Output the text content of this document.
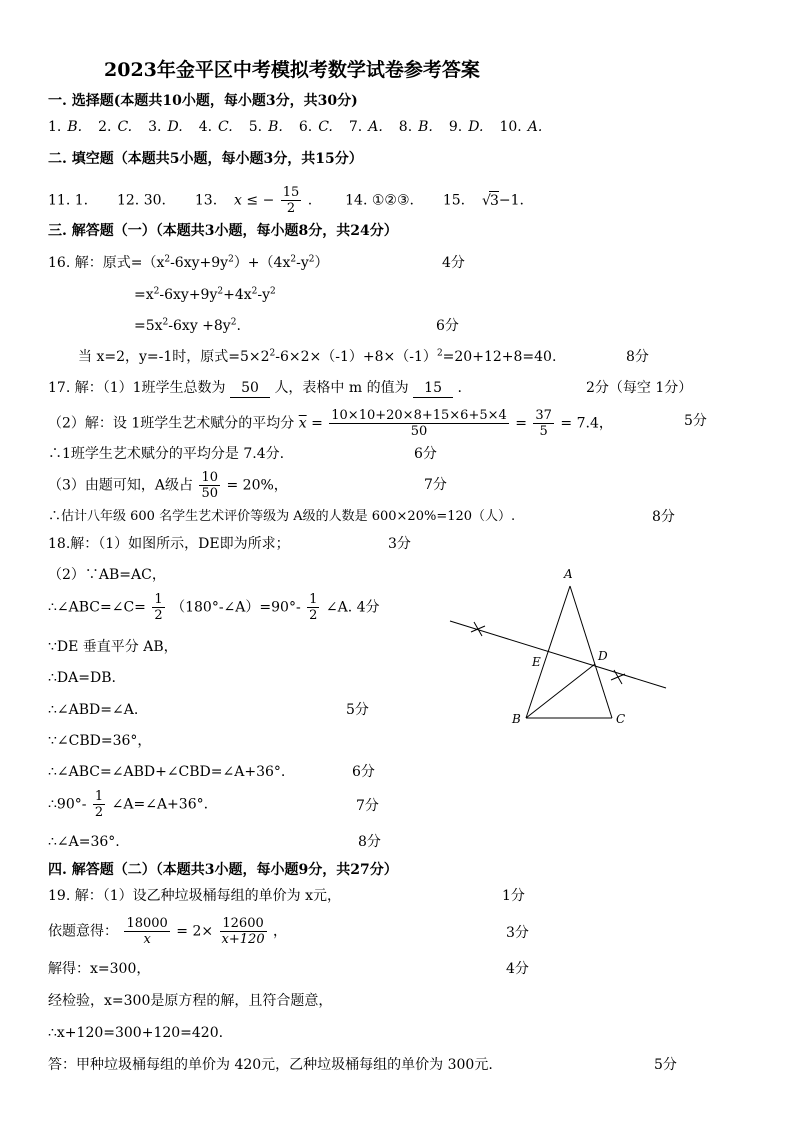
2023年金平区中考模拟考数学试卷参考答案
一. 选择题(本题共10小题，每小题3分，共30分)
1. B. 2. C. 3. D. 4. C. 5. B. 6. C. 7. A. 8. B. 9. D. 10. A.
二. 填空题（本题共5小题，每小题3分，共15分）
11. 1. 12. 30. 13. x ≤ − $\frac{15}{2}$ . 14. ①②③. 15. √3−1.
三. 解答题（一）（本题共3小题，每小题8分，共24分）
16. 解：原式$=(x^2-6xy+9y^2)+(4x^2-y^2)$	4分
$=x^2-6xy+9y^2+4x^2-y^2$
$=5x^2-6xy +8y^2$.	6分
当 x=2，y=-1时，原式$=5\times 2^2-6\times 2\times(-1)+8\times(-1)^2=20+12+8=40$.	8分
17. 解：（1）1班学生总数为 50 人，表格中 m 的值为 15 .	2分（每空 1分）
（2）解：设 1班学生艺术赋分的平均分 $\overline{x} = \frac{10\times 10+20\times 8+15\times 6+5\times 4}{50} = \frac{37}{5} = 7.4$，	5分
∴1班学生艺术赋分的平均分是 7.4分.	6分
（3）由题可知，A级占 $\frac{10}{50} = 20\%$，	7分
∴估计八年级 600 名学生艺术评价等级为 A级的人数是 600×20%=120（人）.	8分
18.解：（1）如图所示，DE即为所求；	3分
（2）∵AB=AC，
∴∠ABC=∠C= $\frac{1}{2}$ （180°-∠A）=90°- $\frac{1}{2}$ ∠A. 4分
∵DE 垂直平分 AB，
∴DA=DB.
∴∠ABD=∠A.	5分
∵∠CBD=36°，
∴∠ABC=∠ABD+∠CBD=∠A+36°.	6分
∴90°- $\frac{1}{2}$ ∠A=∠A+36°.	7分
∴∠A=36°.	8分
A
B	C
D
E
四. 解答题（二）（本题共3小题，每小题9分，共27分）
19. 解：（1）设乙种垃圾桶每组的单价为 x元，	1分
依题意得： $\frac{18000}{x} = 2\times \frac{12600}{x+120}$ ，	3分
解得：x=300，	4分
经检验，x=300是原方程的解，且符合题意，
∴x+120=300+120=420.
答：甲种垃圾桶每组的单价为 420元，乙种垃圾桶每组的单价为 300元.	5分
